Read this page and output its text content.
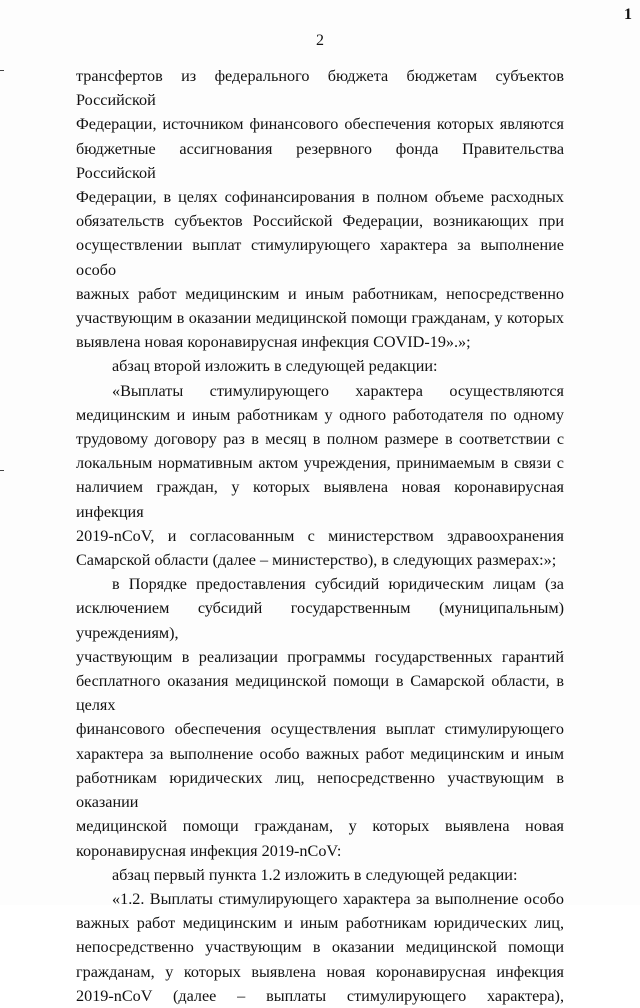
1
2

трансфертов из федерального бюджета бюджетам субъектов Российской

Федерации, источником финансового обеспечения которых являются

бюджетные ассигнования резервного фонда Правительства Российской

Федерации, в целях софинансирования в полном объеме расходных

обязательств субъектов Российской Федерации, возникающих при

осуществлении выплат стимулирующего характера за выполнение особо

важных работ медицинским и иным работникам, непосредственно

участвующим в оказании медицинской помощи гражданам, у которых

выявлена новая коронавирусная инфекция COVID-19».»;

абзац второй изложить в следующей редакции:

«Выплаты стимулирующего характера осуществляются

медицинским и иным работникам у одного работодателя по одному

трудовому договору раз в месяц в полном размере в соответствии с

локальным нормативным актом учреждения, принимаемым в связи с

наличием граждан, у которых выявлена новая коронавирусная инфекция

2019-nCoV, и согласованным с министерством здравоохранения

Самарской области (далее – министерство), в следующих размерах:»;

в Порядке предоставления субсидий юридическим лицам (за

исключением субсидий государственным (муниципальным) учреждениям),

участвующим в реализации программы государственных гарантий

бесплатного оказания медицинской помощи в Самарской области, в целях

финансового обеспечения осуществления выплат стимулирующего

характера за выполнение особо важных работ медицинским и иным

работникам юридических лиц, непосредственно участвующим в оказании

медицинской помощи гражданам, у которых выявлена новая

коронавирусная инфекция 2019-nCoV:

абзац первый пункта 1.2 изложить в следующей редакции:

«1.2. Выплаты стимулирующего характера за выполнение особо

важных работ медицинским и иным работникам юридических лиц,

непосредственно участвующим в оказании медицинской помощи

гражданам, у которых выявлена новая коронавирусная инфекция

2019-nCoV (далее – выплаты стимулирующего характера),
